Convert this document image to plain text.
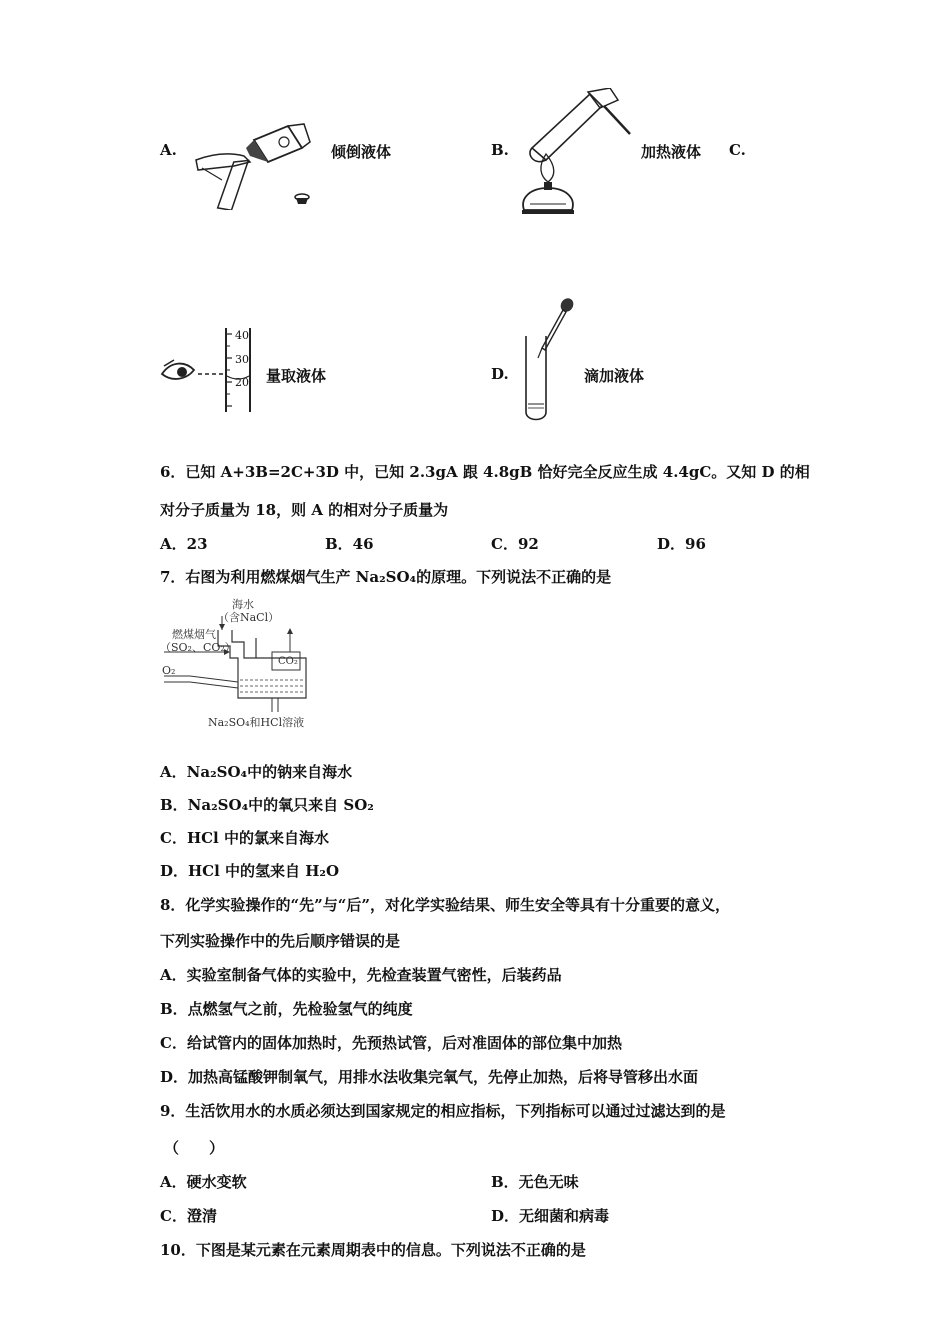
A.	倾倒液体	B.	加热液体 C.
40
30
20 量取液体	D.	滴加液体
6．已知 A+3B=2C+3D 中，已知 2.3gA 跟 4.8gB 恰好完全反应生成 4.4gC。又知 D 的相
对分子质量为 18，则 A 的相对分子质量为
A．23	B．46	C．92	D．96
7．右图为利用燃煤烟气生产 Na₂SO₄的原理。下列说法不正确的是
海水
（含NaCl）
燃煤烟气
（SO₂、CO₂）
O₂
CO₂
Na₂SO₄和HCl溶液
A．Na₂SO₄中的钠来自海水
B．Na₂SO₄中的氧只来自 SO₂
C．HCl 中的氯来自海水
D．HCl 中的氢来自 H₂O
8．化学实验操作的“先”与“后”，对化学实验结果、师生安全等具有十分重要的意义，
下列实验操作中的先后顺序错误的是
A．实验室制备气体的实验中，先检查装置气密性，后装药品
B．点燃氢气之前，先检验氢气的纯度
C．给试管内的固体加热时，先预热试管，后对准固体的部位集中加热
D．加热高锰酸钾制氧气，用排水法收集完氧气，先停止加热，后将导管移出水面
9．生活饮用水的水质必须达到国家规定的相应指标，下列指标可以通过过滤达到的是
（　　）
A．硬水变软	B．无色无味
C．澄清	D．无细菌和病毒
10．下图是某元素在元素周期表中的信息。下列说法不正确的是
